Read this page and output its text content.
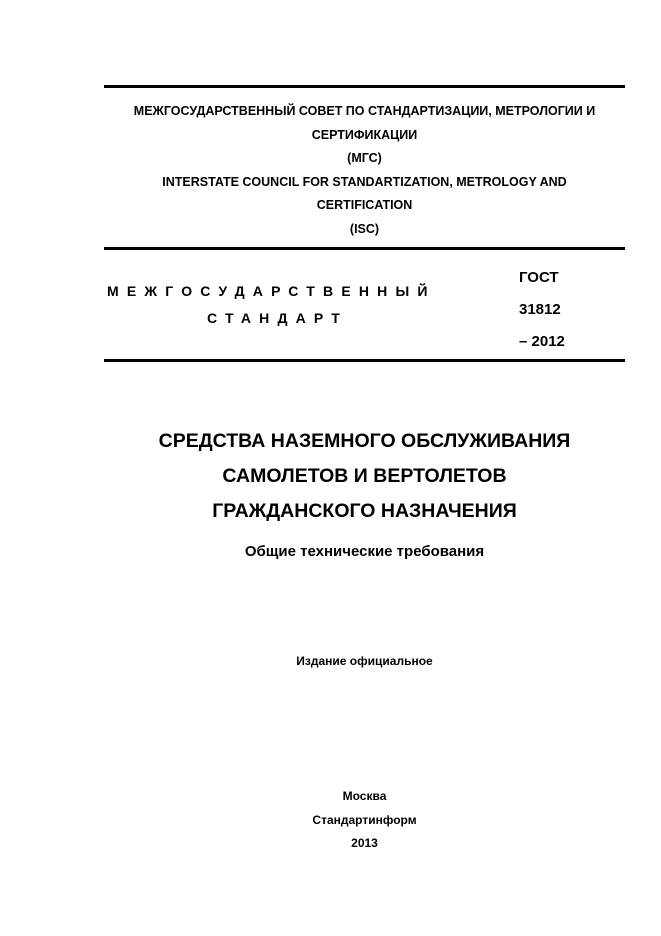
МЕЖГОСУДАРСТВЕННЫЙ СОВЕТ ПО СТАНДАРТИЗАЦИИ, МЕТРОЛОГИИ И
СЕРТИФИКАЦИИ
(МГС)
INTERSTATE COUNCIL FOR STANDARTIZATION, METROLOGY AND
CERTIFICATION
(ISC)
МЕЖГОСУДАРСТВЕННЫЙ
СТАНДАРТ
ГОСТ
31812
– 2012
СРЕДСТВА НАЗЕМНОГО ОБСЛУЖИВАНИЯ
САМОЛЕТОВ И ВЕРТОЛЕТОВ
ГРАЖДАНСКОГО НАЗНАЧЕНИЯ
Общие технические требования
Издание официальное
Москва
Стандартинформ
2013
